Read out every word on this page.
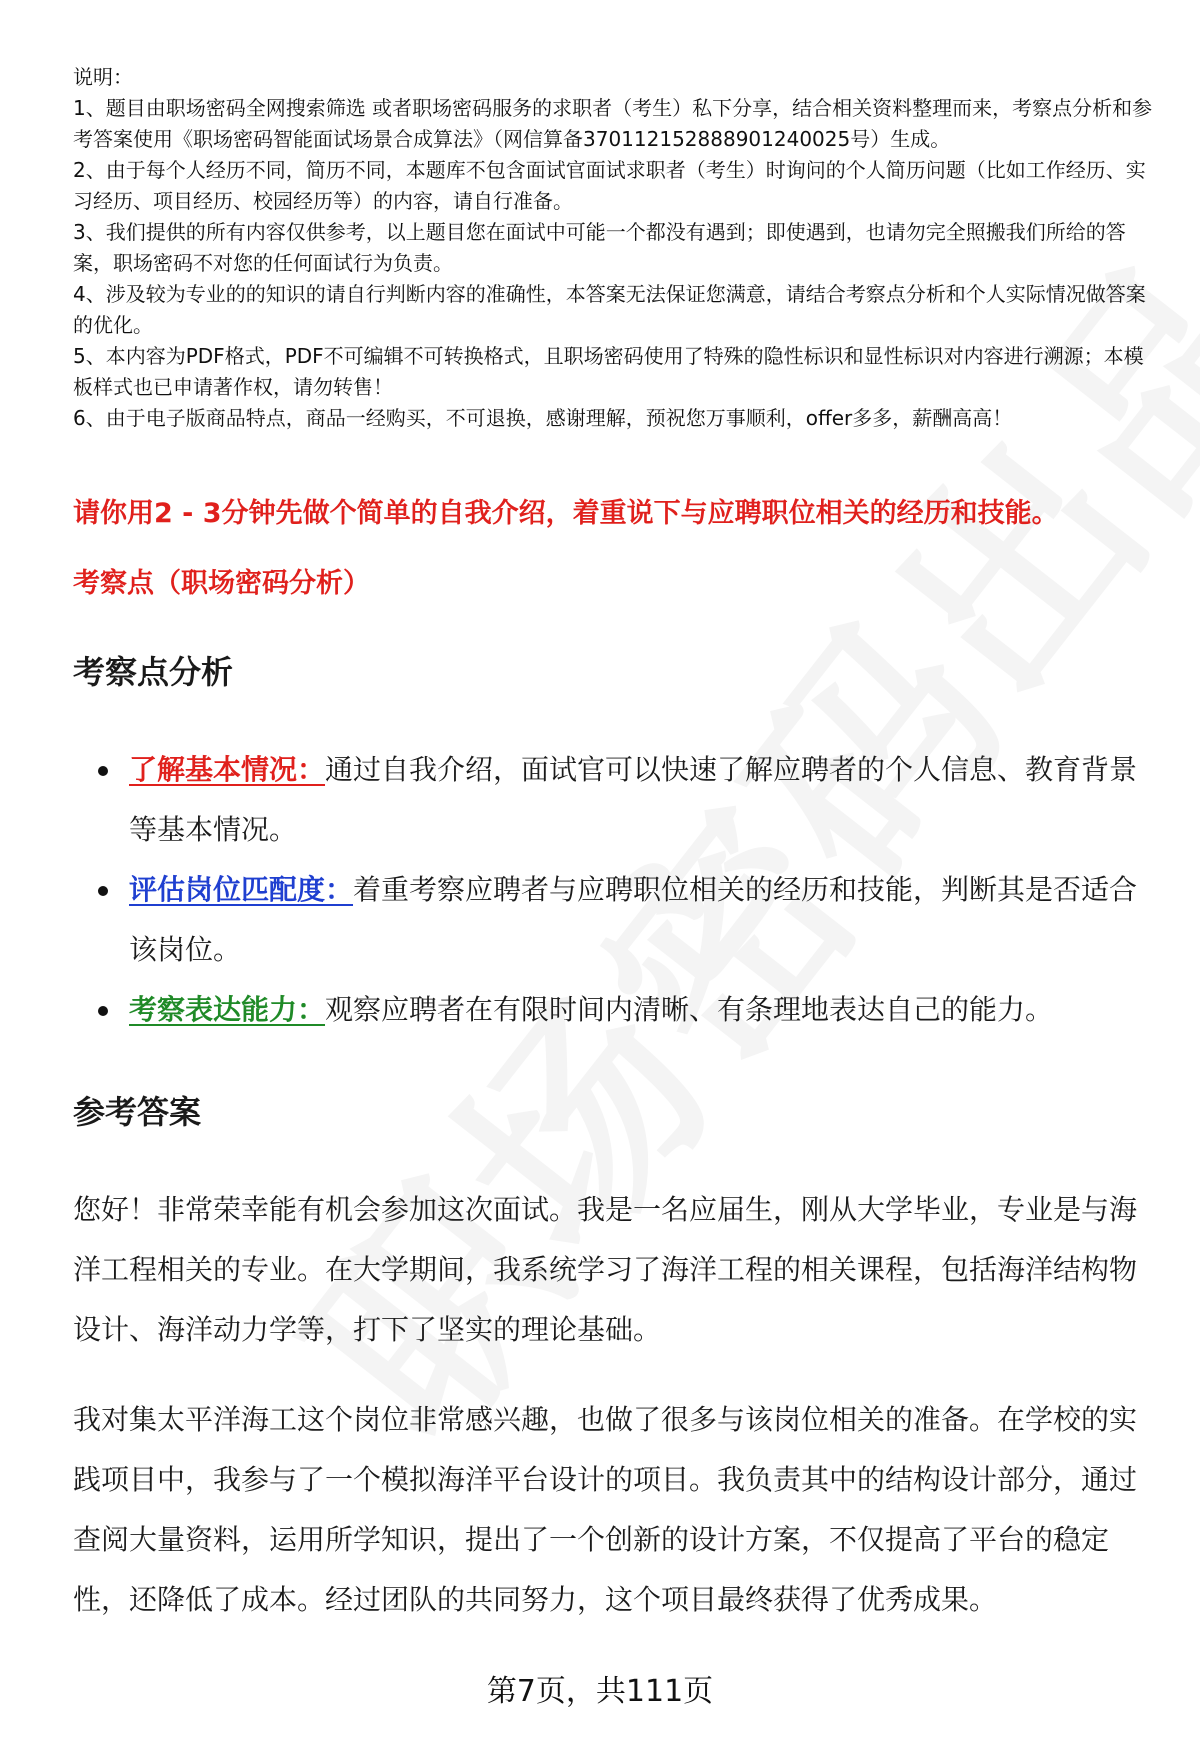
说明：

1、题目由职场密码全网搜索筛选 或者职场密码服务的求职者（考生）私下分享，结合相关资料整理而来，考察点分析和参考答案使用《职场密码智能面试场景合成算法》（网信算备370112152888901240025号）生成。

2、由于每个人经历不同，简历不同，本题库不包含面试官面试求职者（考生）时询问的个人简历问题（比如工作经历、实习经历、项目经历、校园经历等）的内容，请自行准备。

3、我们提供的所有内容仅供参考，以上题目您在面试中可能一个都没有遇到；即使遇到，也请勿完全照搬我们所给的答案，职场密码不对您的任何面试行为负责。

4、涉及较为专业的的知识的请自行判断内容的准确性，本答案无法保证您满意，请结合考察点分析和个人实际情况做答案的优化。

5、本内容为PDF格式，PDF不可编辑不可转换格式，且职场密码使用了特殊的隐性标识和显性标识对内容进行溯源；本模板样式也已申请著作权，请勿转售！

6、由于电子版商品特点，商品一经购买，不可退换，感谢理解，预祝您万事顺利，offer多多，薪酬高高！

请你用2 - 3分钟先做个简单的自我介绍，着重说下与应聘职位相关的经历和技能。
考察点（职场密码分析）
考察点分析
了解基本情况：通过自我介绍，面试官可以快速了解应聘者的个人信息、教育背景等基本情况。
评估岗位匹配度：着重考察应聘者与应聘职位相关的经历和技能，判断其是否适合该岗位。
考察表达能力：观察应聘者在有限时间内清晰、有条理地表达自己的能力。
参考答案

您好！非常荣幸能有机会参加这次面试。我是一名应届生，刚从大学毕业，专业是与海洋工程相关的专业。在大学期间，我系统学习了海洋工程的相关课程，包括海洋结构物设计、海洋动力学等，打下了坚实的理论基础。

我对集太平洋海工这个岗位非常感兴趣，也做了很多与该岗位相关的准备。在学校的实践项目中，我参与了一个模拟海洋平台设计的项目。我负责其中的结构设计部分，通过查阅大量资料，运用所学知识，提出了一个创新的设计方案，不仅提高了平台的稳定性，还降低了成本。经过团队的共同努力，这个项目最终获得了优秀成果。

第7页，共111页
